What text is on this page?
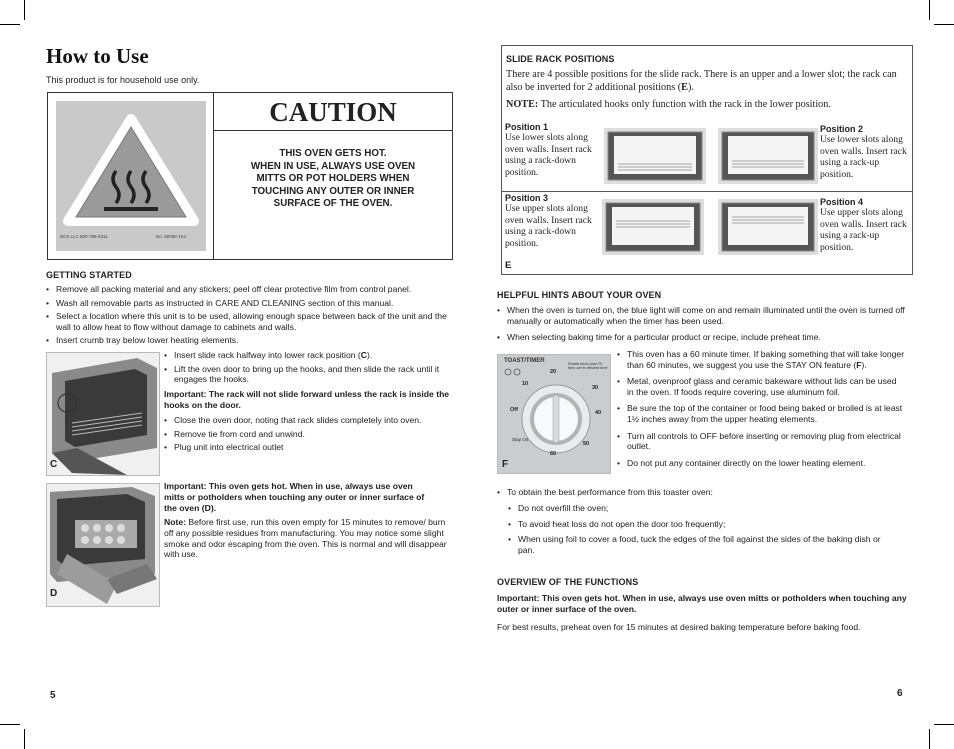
How to Use
This product is for household use only.
BCS LLC 800-788-6311	No. 80098-1K1
CAUTION
THIS OVEN GETS HOT.
WHEN IN USE, ALWAYS USE OVEN
MITTS OR POT HOLDERS WHEN
TOUCHING ANY OUTER OR INNER
SURFACE OF THE OVEN.
GETTING STARTED
• Remove all packing material and any stickers; peel off clear protective film from control panel.
• Wash all removable parts as instructed in CARE AND CLEANING section of this manual.
• Select a location where this unit is to be used, allowing enough space between back of the unit and the wall to allow heat to flow without damage to cabinets and walls.
• Insert crumb tray below lower heating elements.
C
• Insert slide rack halfway into lower rack position (C).
• Lift the oven door to bring up the hooks, and then slide the rack until it engages the hooks.
Important: The rack will not slide forward unless the rack is inside the hooks on the door.
• Close the oven door, noting that rack slides completely into oven.
• Remove tie from cord and unwind.
• Plug unit into electrical outlet
D
Important: This oven gets hot. When in use, always use oven
mitts or potholders when touching any outer or inner surface of
the oven (D).
Note: Before first use, run this oven empty for 15 minutes to remove/ burn off any possible residues from manufacturing. You may notice some slight smoke and odor escaping from the oven. This is normal and will disappear with use.
5
SLIDE RACK POSITIONS
There are 4 possible positions for the slide rack. There is an upper and a lower slot; the rack can also be inverted for 2 additional positions (E).
NOTE: The articulated hooks only function with the rack in the lower position.
Position 1
Use lower slots along oven walls. Insert rack using a rack-down position.
Position 2
Use lower slots along oven walls. Insert rack using a rack-up position.
Position 3
Use upper slots along oven walls. Insert rack using a rack-down position.
Position 4
Use upper slots along oven walls. Insert rack using a rack-up position.
E
HELPFUL HINTS ABOUT YOUR OVEN
• When the oven is turned on, the blue light will come on and remain illuminated until the oven is turned off manually or automatically when the timer has been used.
• When selecting baking time for a particular product or recipe, include preheat time.
TOAST/TIMER	Rotate knob past 20 then set to desired time
10
20
30
40
50
60
Off
Stay On
F
• This oven has a 60 minute timer. If baking something that will take longer than 60 minutes, we suggest you use the STAY ON feature (F).
• Metal, ovenproof glass and ceramic bakeware without lids can be used in the oven. If foods require covering, use aluminum foil.
• Be sure the top of the container or food being baked or broiled is at least 1½ inches away from the upper heating elements.
• Turn all controls to OFF before inserting or removing plug from electrical outlet.
• Do not put any container directly on the lower heating element.
• To obtain the best performance from this toaster oven:
• Do not overfill the oven;
• To avoid heat loss do not open the door too frequently;
• When using foil to cover a food, tuck the edges of the foil against the sides of the baking dish or pan.
OVERVIEW OF THE FUNCTIONS
Important: This oven gets hot. When in use, always use oven mitts or potholders when touching any outer or inner surface of the oven.
For best results, preheat oven for 15 minutes at desired baking temperature before baking food.
6
